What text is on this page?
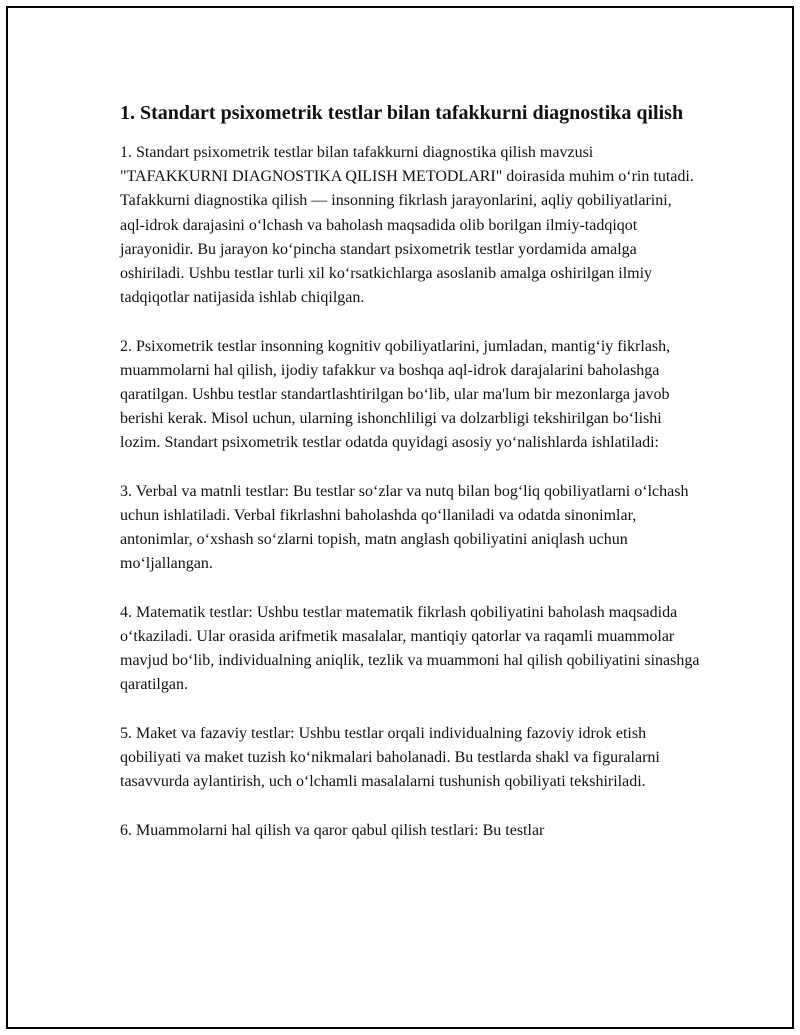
1. Standart psixometrik testlar bilan tafakkurni diagnostika qilish

1. Standart psixometrik testlar bilan tafakkurni diagnostika qilish mavzusi "TAFAKKURNI DIAGNOSTIKA QILISH METODLARI" doirasida muhim o‘rin tutadi. Tafakkurni diagnostika qilish — insonning fikrlash jarayonlarini, aqliy qobiliyatlarini, aql-idrok darajasini o‘lchash va baholash maqsadida olib borilgan ilmiy-tadqiqot jarayonidir. Bu jarayon ko‘pincha standart psixometrik testlar yordamida amalga oshiriladi. Ushbu testlar turli xil ko‘rsatkichlarga asoslanib amalga oshirilgan ilmiy tadqiqotlar natijasida ishlab chiqilgan.

2. Psixometrik testlar insonning kognitiv qobiliyatlarini, jumladan, mantig‘iy fikrlash, muammolarni hal qilish, ijodiy tafakkur va boshqa aql-idrok darajalarini baholashga qaratilgan. Ushbu testlar standartlashtirilgan bo‘lib, ular ma'lum bir mezonlarga javob berishi kerak. Misol uchun, ularning ishonchliligi va dolzarbligi tekshirilgan bo‘lishi lozim. Standart psixometrik testlar odatda quyidagi asosiy yo‘nalishlarda ishlatiladi:

3. Verbal va matnli testlar: Bu testlar so‘zlar va nutq bilan bog‘liq qobiliyatlarni o‘lchash uchun ishlatiladi. Verbal fikrlashni baholashda qo‘llaniladi va odatda sinonimlar, antonimlar, o‘xshash so‘zlarni topish, matn anglash qobiliyatini aniqlash uchun mo‘ljallangan.

4. Matematik testlar: Ushbu testlar matematik fikrlash qobiliyatini baholash maqsadida o‘tkaziladi. Ular orasida arifmetik masalalar, mantiqiy qatorlar va raqamli muammolar mavjud bo‘lib, individualning aniqlik, tezlik va muammoni hal qilish qobiliyatini sinashga qaratilgan.

5. Maket va fazaviy testlar: Ushbu testlar orqali individualning fazoviy idrok etish qobiliyati va maket tuzish ko‘nikmalari baholanadi. Bu testlarda shakl va figuralarni tasavvurda aylantirish, uch o‘lchamli masalalarni tushunish qobiliyati tekshiriladi.

6. Muammolarni hal qilish va qaror qabul qilish testlari: Bu testlar
